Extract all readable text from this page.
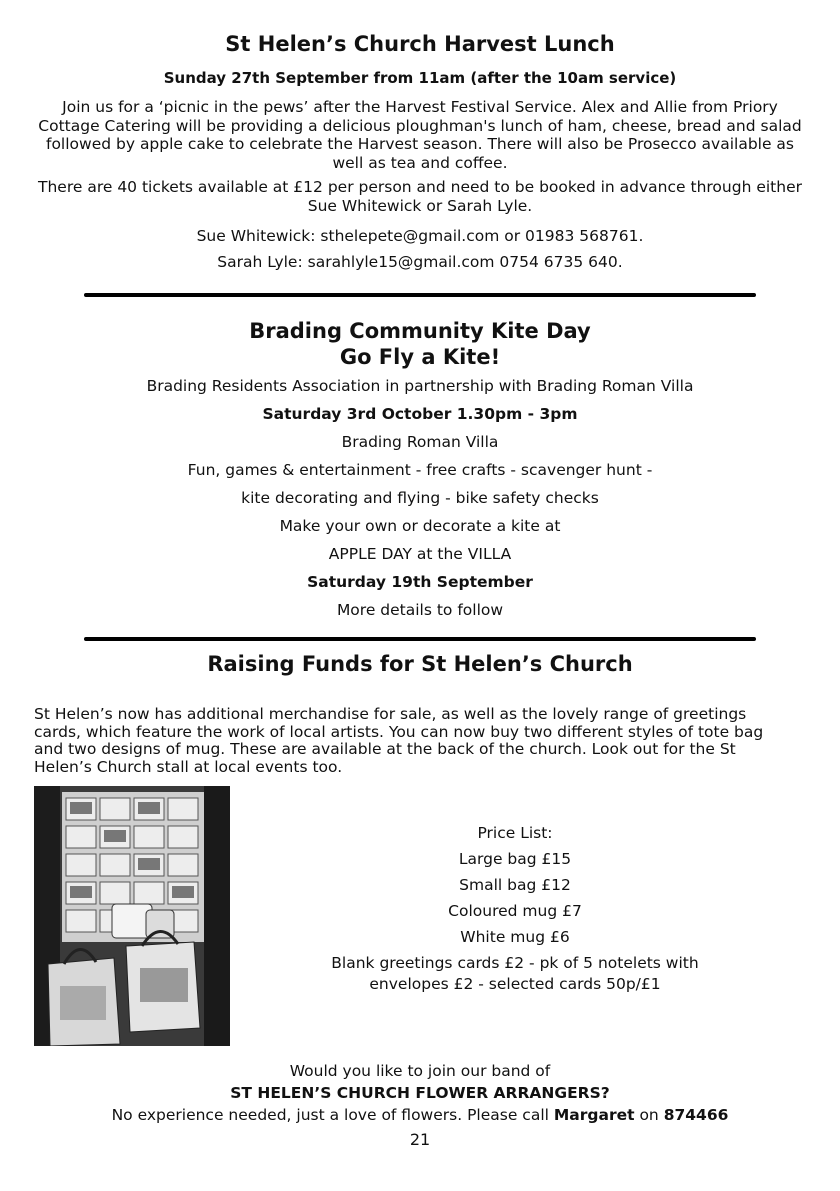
St Helen’s Church Harvest Lunch
Sunday 27th September from 11am (after the 10am service)
Join us for a ‘picnic in the pews’ after the Harvest Festival Service. Alex and Allie from Priory Cottage Catering will be providing a delicious ploughman's lunch of ham, cheese, bread and salad followed by apple cake to celebrate the Harvest season. There will also be Prosecco available as well as tea and coffee.
There are 40 tickets available at £12 per person and need to be booked in advance through either Sue Whitewick or Sarah Lyle.
Sue Whitewick: sthelepete@gmail.com or 01983 568761.
Sarah Lyle: sarahlyle15@gmail.com 0754 6735 640.
Brading Community Kite Day
Go Fly a Kite!
Brading Residents Association in partnership with Brading Roman Villa
Saturday 3rd October 1.30pm - 3pm
Brading Roman Villa
Fun, games & entertainment - free crafts - scavenger hunt -
kite decorating and flying - bike safety checks
Make your own or decorate a kite at
APPLE DAY at the VILLA
Saturday 19th September
More details to follow
Raising Funds for St Helen’s Church
St Helen’s now has additional merchandise for sale, as well as the lovely range of greetings cards, which feature the work of local artists. You can now buy two different styles of tote bag and two designs of mug. These are available at the back of the church. Look out for the St Helen’s Church stall at local events too.
Price List:
Large bag £15
Small bag £12
Coloured mug £7
White mug £6
Blank greetings cards £2 - pk of 5 notelets with envelopes £2 - selected cards 50p/£1
Would you like to join our band of
ST HELEN’S CHURCH FLOWER ARRANGERS?
No experience needed, just a love of flowers. Please call Margaret on 874466
21
